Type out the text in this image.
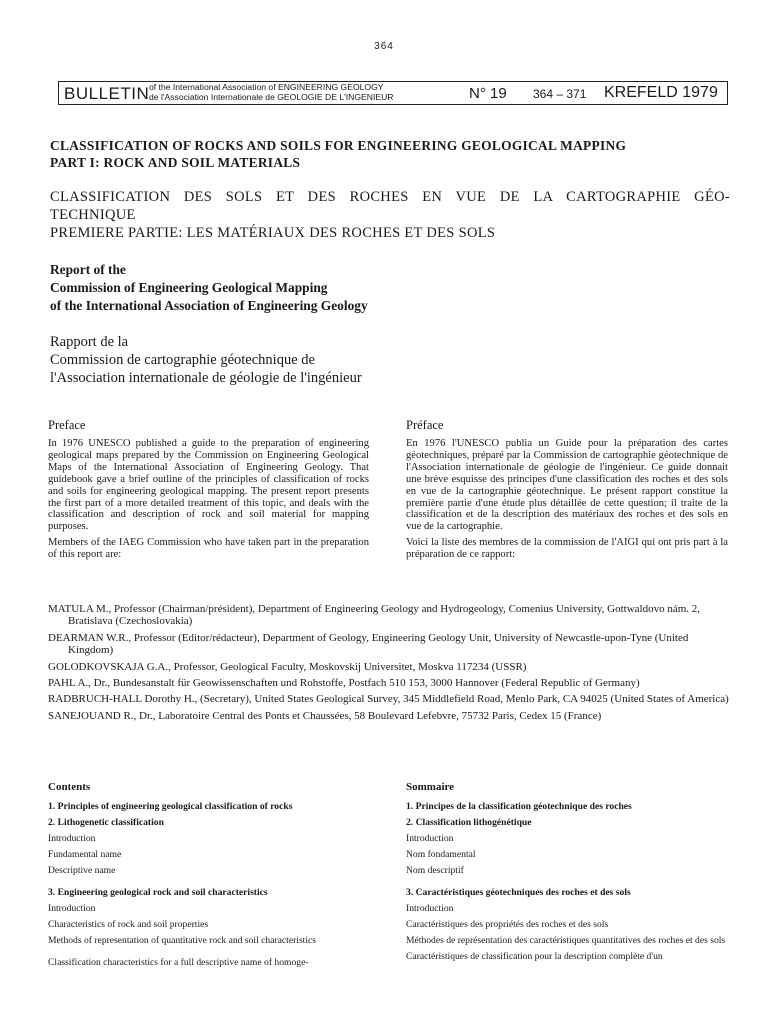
364
BULLETIN of the International Association of ENGINEERING GEOLOGY
de l'Association Internationale de GEOLOGIE DE L'INGENIEUR	N° 19 364 – 371 KREFELD 1979
CLASSIFICATION OF ROCKS AND SOILS FOR ENGINEERING GEOLOGICAL MAPPING
PART I: ROCK AND SOIL MATERIALS
CLASSIFICATION DES SOLS ET DES ROCHES EN VUE DE LA CARTOGRAPHIE GÉO-
TECHNIQUE
PREMIERE PARTIE: LES MATÉRIAUX DES ROCHES ET DES SOLS
Report of the
Commission of Engineering Geological Mapping
of the International Association of Engineering Geology
Rapport de la
Commission de cartographie géotechnique de
l'Association internationale de géologie de l'ingénieur
Preface

In 1976 UNESCO published a guide to the preparation of engineering geological maps prepared by the Commission on Engineering Geological Maps of the International Association of Engineering Geology. That guidebook gave a brief outline of the principles of classification of rocks and soils for engineering geological mapping. The present report presents the first part of a more detailed treatment of this topic, and deals with the classification and description of rock and soil material for mapping purposes.

Members of the IAEG Commission who have taken part in the preparation of this report are:

Préface

En 1976 l'UNESCO publia un Guide pour la préparation des cartes géotechniques, préparé par la Commission de cartographie géotechnique de l'Association internationale de géologie de l'ingénieur. Ce guide donnait une brève esquisse des principes d'une classification des roches et des sols en vue de la cartographie géotechnique. Le présent rapport constitue la première partie d'une étude plus détaillée de cette question; il traite de la classification et de la description des matériaux des roches et des sols en vue de la cartographie.

Voici la liste des membres de la commission de l'AIGI qui ont pris part à la préparation de ce rapport:

MATULA M., Professor (Chairman/président), Department of Engineering Geology and Hydrogeology, Comenius University, Gottwaldovo nám. 2, Bratislava (Czechoslovakia)
DEARMAN W.R., Professor (Editor/rédacteur), Department of Geology, Engineering Geology Unit, University of Newcastle-upon-Tyne (United Kingdom)
GOLODKOVSKAJA G.A., Professor, Geological Faculty, Moskovskij Universitet, Moskva 117234 (USSR)
PAHL A., Dr., Bundesanstalt für Geowissenschaften und Rohstoffe, Postfach 510 153, 3000 Hannover (Federal Republic of Germany)
RADBRUCH-HALL Dorothy H., (Secretary), United States Geological Survey, 345 Middlefield Road, Menlo Park, CA 94025 (United States of America)
SANEJOUAND R., Dr., Laboratoire Central des Ponts et Chaussées, 58 Boulevard Lefebvre, 75732 Paris, Cedex 15 (France)
Contents
1. Principles of engineering geological classification of rocks
2. Lithogenetic classification
Introduction
Fundamental name
Descriptive name
3. Engineering geological rock and soil characteristics
Introduction
Characteristics of rock and soil properties
Methods of representation of quantitative rock and soil characteristics
Classification characteristics for a full descriptive name of homoge-
Sommaire
1. Principes de la classification géotechnique des roches
2. Classification lithogénétique
Introduction
Nom fondamental
Nom descriptif
3. Caractéristiques géotechniques des roches et des sols
Introduction
Caractéristiques des propriétés des roches et des sols
Méthodes de représentation des caractéristiques quantitatives des roches et des sols
Caractéristiques de classification pour la description complète d'un
